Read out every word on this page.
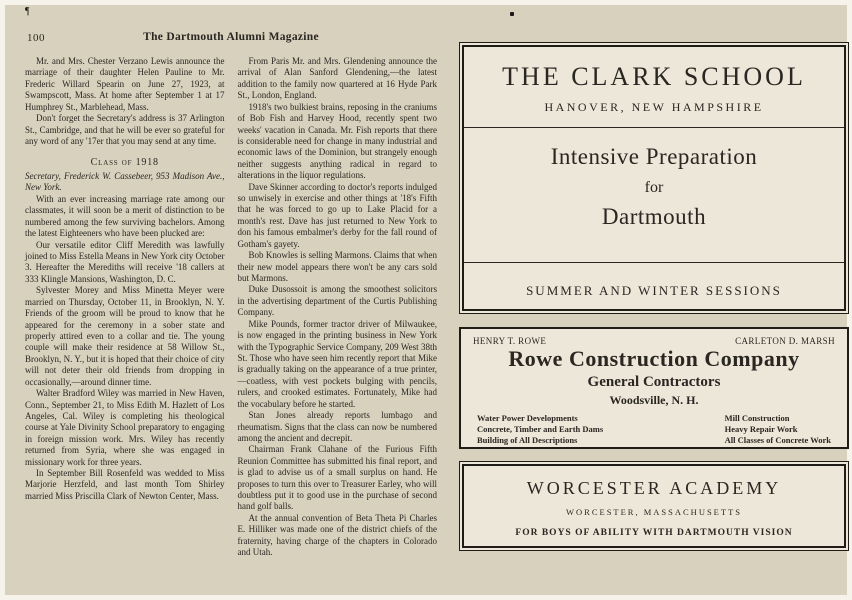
¶
100	The Dartmouth Alumni Magazine

Mr. and Mrs. Chester Verzano Lewis announce the marriage of their daughter Helen Pauline to Mr. Frederic Willard Spearin on June 27, 1923, at Swampscott, Mass. At home after September 1 at 17 Humphrey St., Marblehead, Mass.

Don't forget the Secretary's address is 37 Arlington St., Cambridge, and that he will be ever so grateful for any word of any '17er that you may send at any time.

Class of 1918

Secretary, Frederick W. Cassebeer, 953 Madison Ave., New York.

With an ever increasing marriage rate among our classmates, it will soon be a merit of distinction to be numbered among the few surviving bachelors. Among the latest Eighteeners who have been plucked are:

Our versatile editor Cliff Meredith was lawfully joined to Miss Estella Means in New York city October 3. Hereafter the Merediths will receive '18 callers at 333 Klingle Mansions, Washington, D. C.

Sylvester Morey and Miss Minetta Meyer were married on Thursday, October 11, in Brooklyn, N. Y. Friends of the groom will be proud to know that he appeared for the ceremony in a sober state and properly attired even to a collar and tie. The young couple will make their residence at 58 Willow St., Brooklyn, N. Y., but it is hoped that their choice of city will not deter their old friends from dropping in occasionally,—around dinner time.

Walter Bradford Wiley was married in New Haven, Conn., September 21, to Miss Edith M. Hazlett of Los Angeles, Cal. Wiley is completing his theological course at Yale Divinity School preparatory to engaging in foreign mission work. Mrs. Wiley has recently returned from Syria, where she was engaged in missionary work for three years.

In September Bill Rosenfeld was wedded to Miss Marjorie Herzfeld, and last month Tom Shirley married Miss Priscilla Clark of Newton Center, Mass.

From Paris Mr. and Mrs. Glendening announce the arrival of Alan Sanford Glendening,—the latest addition to the family now quartered at 16 Hyde Park St., London, England.

1918's two bulkiest brains, reposing in the craniums of Bob Fish and Harvey Hood, recently spent two weeks' vacation in Canada. Mr. Fish reports that there is considerable need for change in many industrial and economic laws of the Dominion, but strangely enough neither suggests anything radical in regard to alterations in the liquor regulations.

Dave Skinner according to doctor's reports indulged so unwisely in exercise and other things at '18's Fifth that he was forced to go up to Lake Placid for a month's rest. Dave has just returned to New York to don his famous embalmer's derby for the fall round of Gotham's gayety.

Bob Knowles is selling Marmons. Claims that when their new model appears there won't be any cars sold but Marmons.

Duke Dusossoit is among the smoothest solicitors in the advertising department of the Curtis Publishing Company.

Mike Pounds, former tractor driver of Milwaukee, is now engaged in the printing business in New York with the Typographic Service Company, 209 West 38th St. Those who have seen him recently report that Mike is gradually taking on the appearance of a true printer,—coatless, with vest pockets bulging with pencils, rulers, and crooked estimates. Fortunately, Mike had the vocabulary before he started.

Stan Jones already reports lumbago and rheumatism. Signs that the class can now be numbered among the ancient and decrepit.

Chairman Frank Clahane of the Furious Fifth Reunion Committee has submitted his final report, and is glad to advise us of a small surplus on hand. He proposes to turn this over to Treasurer Earley, who will doubtless put it to good use in the purchase of second hand golf balls.

At the annual convention of Beta Theta Pi Charles E. Hilliker was made one of the district chiefs of the fraternity, having charge of the chapters in Colorado and Utah.

THE CLARK SCHOOL
HANOVER, NEW HAMPSHIRE
Intensive Preparation
for
Dartmouth
SUMMER AND WINTER SESSIONS
HENRY T. ROWE	CARLETON D. MARSH
Rowe Construction Company
General Contractors
Woodsville, N. H.
Water Power Developments
Concrete, Timber and Earth Dams
Building of All Descriptions
Mill Construction
Heavy Repair Work
All Classes of Concrete Work
WORCESTER ACADEMY
WORCESTER, MASSACHUSETTS
FOR BOYS OF ABILITY WITH DARTMOUTH VISION
